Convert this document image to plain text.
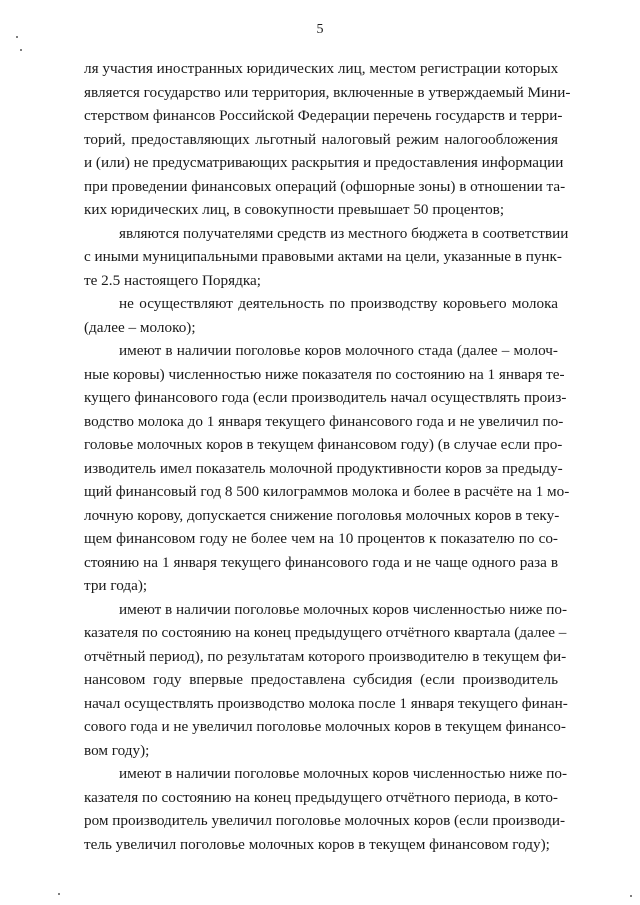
5
ля участия иностранных юридических лиц, местом регистрации которых
является государство или территория, включенные в утверждаемый Мини-
стерством финансов Российской Федерации перечень государств и терри-
торий, предоставляющих льготный налоговый режим налогообложения
и (или) не предусматривающих раскрытия и предоставления информации
при проведении финансовых операций (офшорные зоны) в отношении та-
ких юридических лиц, в совокупности превышает 50 процентов;
являются получателями средств из местного бюджета в соответствии
с иными муниципальными правовыми актами на цели, указанные в пунк-
те 2.5 настоящего Порядка;
не осуществляют деятельность по производству коровьего молока
(далее – молоко);
имеют в наличии поголовье коров молочного стада (далее – молоч-
ные коровы) численностью ниже показателя по состоянию на 1 января те-
кущего финансового года (если производитель начал осуществлять произ-
водство молока до 1 января текущего финансового года и не увеличил по-
головье молочных коров в текущем финансовом году) (в случае если про-
изводитель имел показатель молочной продуктивности коров за предыду-
щий финансовый год 8 500 килограммов молока и более в расчёте на 1 мо-
лочную корову, допускается снижение поголовья молочных коров в теку-
щем финансовом году не более чем на 10 процентов к показателю по со-
стоянию на 1 января текущего финансового года и не чаще одного раза в
три года);
имеют в наличии поголовье молочных коров численностью ниже по-
казателя по состоянию на конец предыдущего отчётного квартала (далее –
отчётный период), по результатам которого производителю в текущем фи-
нансовом году впервые предоставлена субсидия (если производитель
начал осуществлять производство молока после 1 января текущего финан-
сового года и не увеличил поголовье молочных коров в текущем финансо-
вом году);
имеют в наличии поголовье молочных коров численностью ниже по-
казателя по состоянию на конец предыдущего отчётного периода, в кото-
ром производитель увеличил поголовье молочных коров (если производи-
тель увеличил поголовье молочных коров в текущем финансовом году);
